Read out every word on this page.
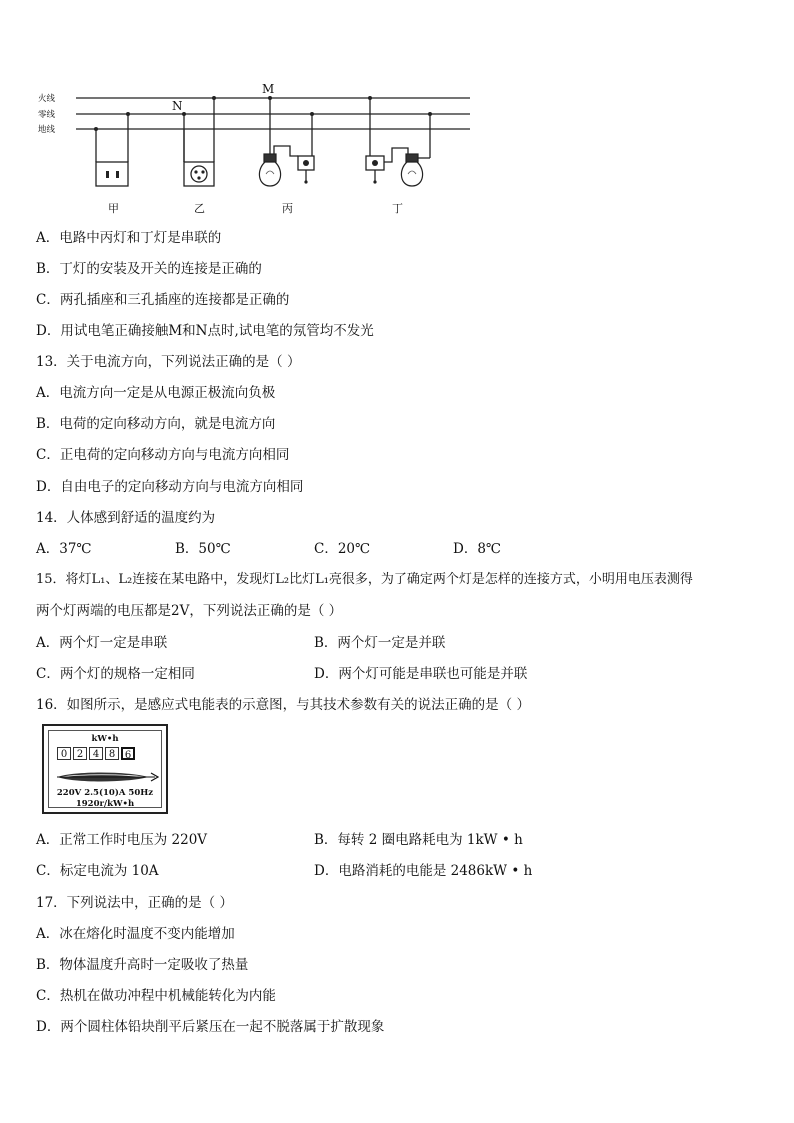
火线
零线
地线
M
N
甲	乙	丙	丁
A．电路中丙灯和丁灯是串联的
B．丁灯的安装及开关的连接是正确的
C．两孔插座和三孔插座的连接都是正确的
D．用试电笔正确接触M和N点时,试电笔的氖管均不发光
13．关于电流方向，下列说法正确的是（ ）
A．电流方向一定是从电源正极流向负极
B．电荷的定向移动方向，就是电流方向
C．正电荷的定向移动方向与电流方向相同
D．自由电子的定向移动方向与电流方向相同
14．人体感到舒适的温度约为
A．37℃	B．50℃	C．20℃	D．8℃
15．将灯L₁、L₂连接在某电路中，发现灯L₂比灯L₁亮很多，为了确定两个灯是怎样的连接方式，小明用电压表测得
两个灯两端的电压都是2V，下列说法正确的是（ ）
A．两个灯一定是串联	B．两个灯一定是并联
C．两个灯的规格一定相同	D．两个灯可能是串联也可能是并联
16．如图所示，是感应式电能表的示意图，与其技术参数有关的说法正确的是（ ）
kW•h
0 2 4 8 6
220V 2.5(10)A 50Hz
1920r/kW•h
A．正常工作时电压为 220V	B．每转 2 圈电路耗电为 1kW • h
C．标定电流为 10A	D．电路消耗的电能是 2486kW • h
17．下列说法中，正确的是（ ）
A．冰在熔化时温度不变内能增加
B．物体温度升高时一定吸收了热量
C．热机在做功冲程中机械能转化为内能
D．两个圆柱体铅块削平后紧压在一起不脱落属于扩散现象
